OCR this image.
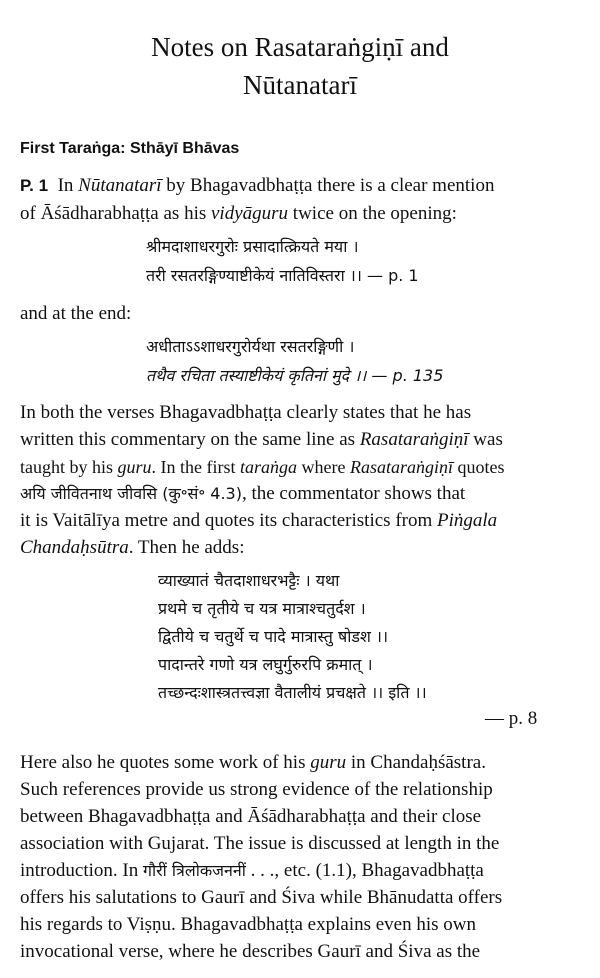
Notes on Rasataraṅgiṇī and
Nūtanatarī
First Taraṅga: Sthāyī Bhāvas
P. 1 In Nūtanatarī by Bhagavadbhaṭṭa there is a clear mention
of Āśādharabhaṭṭa as his vidyāguru twice on the opening:
श्रीमदाशाधरगुरोः प्रसादात्क्रियते मया ।
तरी रसतरङ्गिण्याष्टीकेयं नातिविस्तरा ।। — p. 1
and at the end:
अधीताऽऽशाधरगुरोर्यथा रसतरङ्गिणी ।
तथैव रचिता तस्याष्टीकेयं कृतिनां मुदे ।। — p. 135
In both the verses Bhagavadbhaṭṭa clearly states that he has
written this commentary on the same line as Rasataraṅgiṇī was
taught by his guru. In the first taraṅga where Rasataraṅgiṇī quotes
अयि जीवितनाथ जीवसि (कु॰सं॰ 4.3), the commentator shows that
it is Vaitālīya metre and quotes its characteristics from Piṅgala
Chandaḥsūtra. Then he adds:
व्याख्यातं चैतदाशाधरभट्टैः । यथा
प्रथमे च तृतीये च यत्र मात्राश्चतुर्दश ।
द्वितीये च चतुर्थे च पादे मात्रास्तु षोडश ।।
पादान्तरे गणो यत्र लघुर्गुरुरपि क्रमात् ।
तच्छन्दःशास्त्रतत्त्वज्ञा वैतालीयं प्रचक्षते ।। इति ।।
— p. 8
Here also he quotes some work of his guru in Chandaḥśāstra.
Such references provide us strong evidence of the relationship
between Bhagavadbhaṭṭa and Āśādharabhaṭṭa and their close
association with Gujarat. The issue is discussed at length in the
introduction. In गौरीं त्रिलोकजननीं . . ., etc. (1.1), Bhagavadbhaṭṭa
offers his salutations to Gaurī and Śiva while Bhānudatta offers
his regards to Viṣṇu. Bhagavadbhaṭṭa explains even his own
invocational verse, where he describes Gaurī and Śiva as the
